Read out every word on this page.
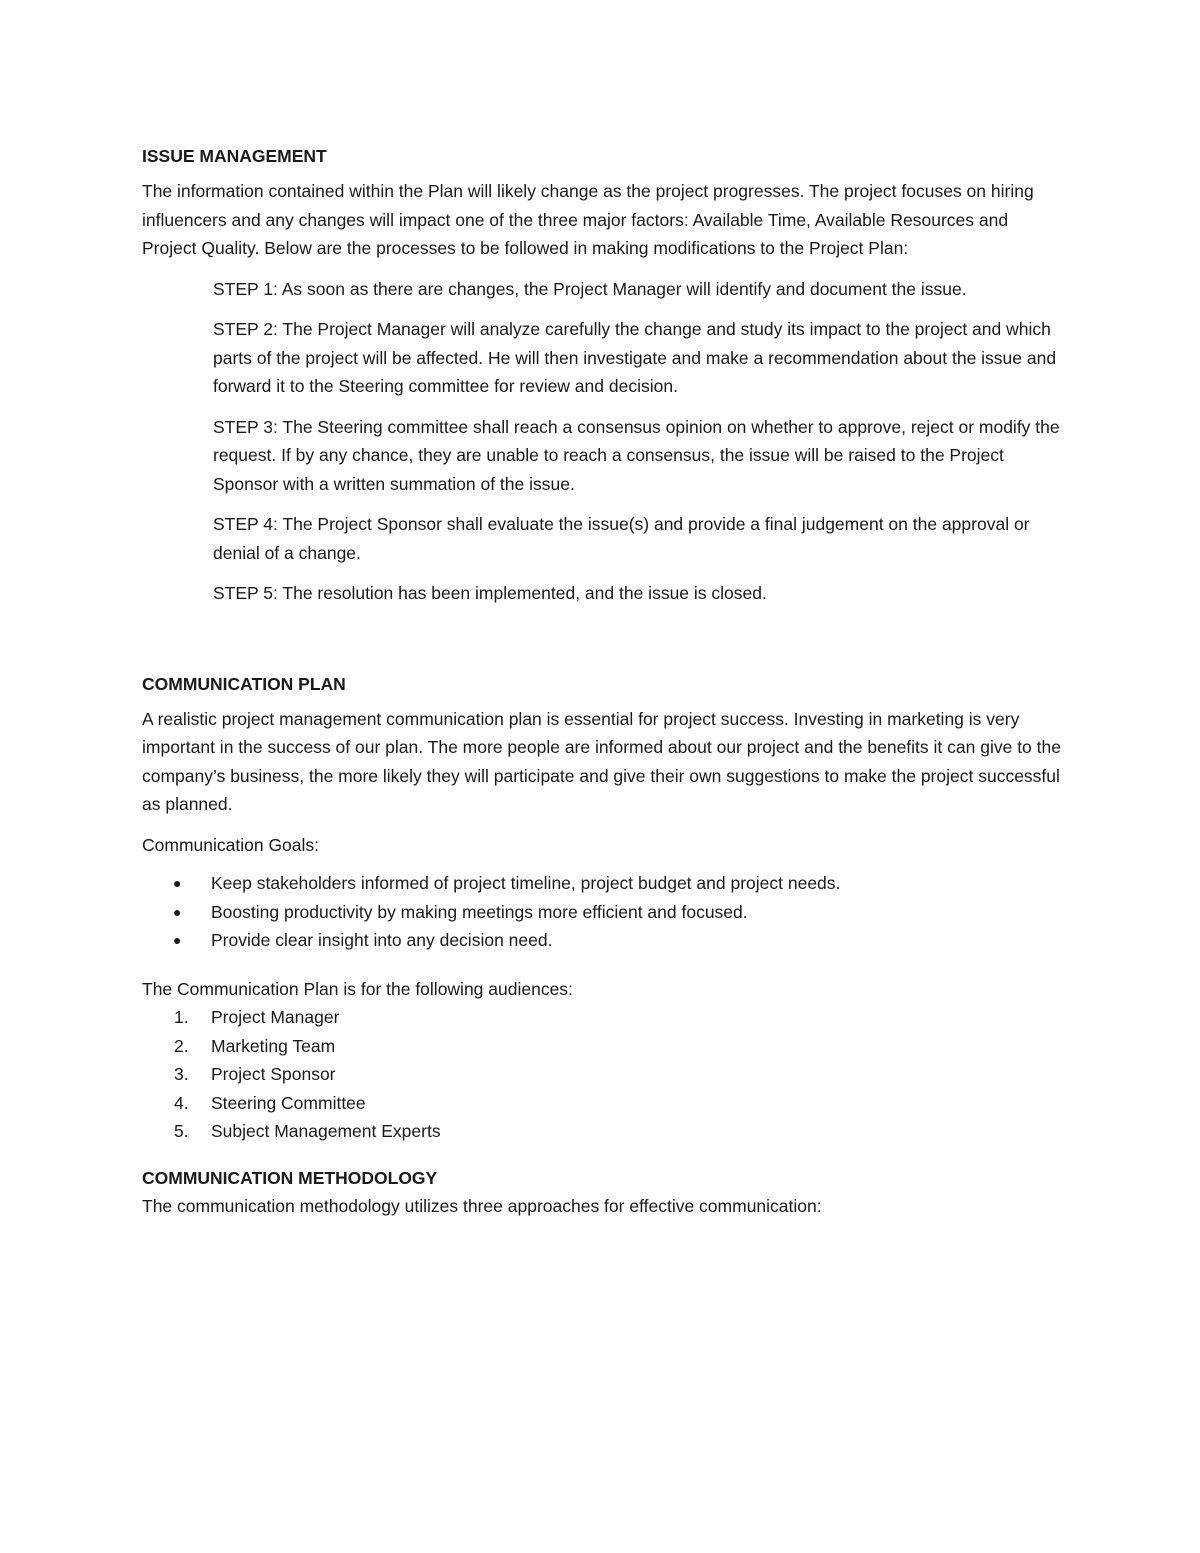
ISSUE MANAGEMENT

The information contained within the Plan will likely change as the project progresses. The project focuses on hiring influencers and any changes will impact one of the three major factors: Available Time, Available Resources and Project Quality. Below are the processes to be followed in making modifications to the Project Plan:

STEP 1: As soon as there are changes, the Project Manager will identify and document the issue.

STEP 2: The Project Manager will analyze carefully the change and study its impact to the project and which parts of the project will be affected. He will then investigate and make a recommendation about the issue and forward it to the Steering committee for review and decision.

STEP 3: The Steering committee shall reach a consensus opinion on whether to approve, reject or modify the request. If by any chance, they are unable to reach a consensus, the issue will be raised to the Project Sponsor with a written summation of the issue.

STEP 4: The Project Sponsor shall evaluate the issue(s) and provide a final judgement on the approval or denial of a change.

STEP 5: The resolution has been implemented, and the issue is closed.

COMMUNICATION PLAN

A realistic project management communication plan is essential for project success. Investing in marketing is very important in the success of our plan. The more people are informed about our project and the benefits it can give to the company’s business, the more likely they will participate and give their own suggestions to make the project successful as planned.

Communication Goals:

● Keep stakeholders informed of project timeline, project budget and project needs.
● Boosting productivity by making meetings more efficient and focused.
● Provide clear insight into any decision need.

The Communication Plan is for the following audiences:

1. Project Manager
2. Marketing Team
3. Project Sponsor
4. Steering Committee
5. Subject Management Experts
COMMUNICATION METHODOLOGY

The communication methodology utilizes three approaches for effective communication:
